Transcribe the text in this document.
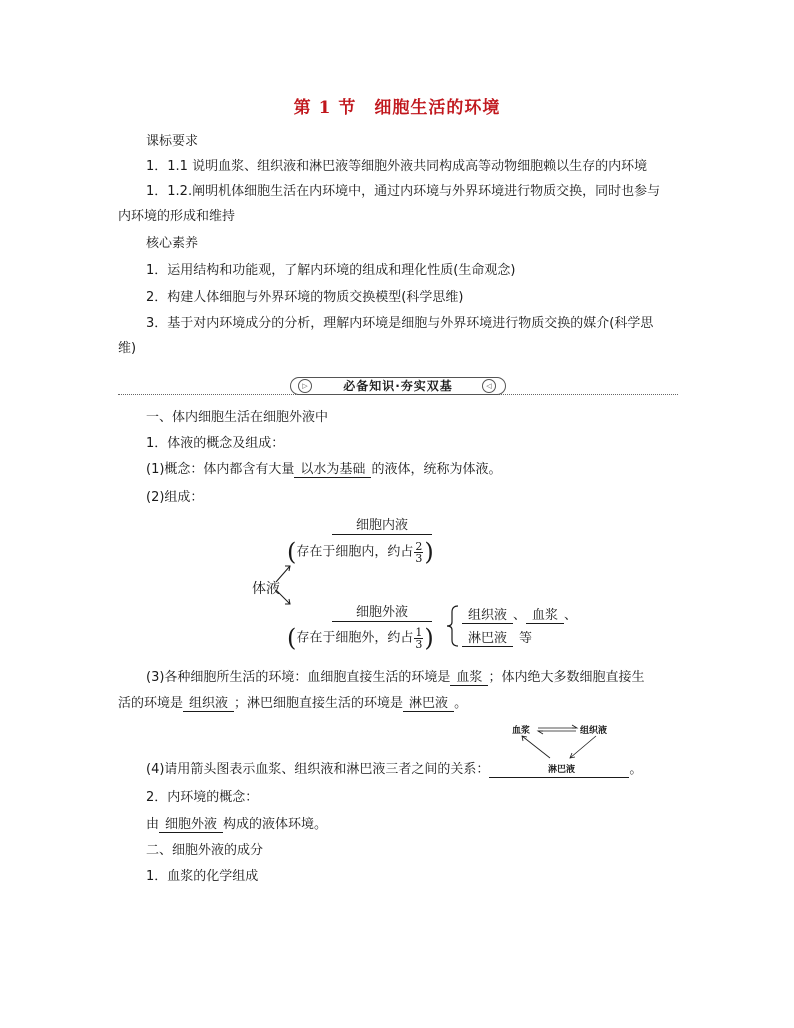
第 1 节　细胞生活的环境
课标要求
1．1.1 说明血浆、组织液和淋巴液等细胞外液共同构成高等动物细胞赖以生存的内环境
1．1.2.阐明机体细胞生活在内环境中，通过内环境与外界环境进行物质交换，同时也参与
内环境的形成和维持
核心素养
1．运用结构和功能观，了解内环境的组成和理化性质(生命观念)
2．构建人体细胞与外界环境的物质交换模型(科学思维)
3．基于对内环境成分的分析，理解内环境是细胞与外界环境进行物质交换的媒介(科学思
维)
必备知识·夯实双基
▷	◁
一、体内细胞生活在细胞外液中
1．体液的概念及组成：
(1)概念：体内都含有大量 以水为基础 的液体，统称为体液。
(2)组成：
体液
细胞内液
(存在于细胞内，约占 $\frac{2}{3}$ )
细胞外液
(存在于细胞外，约占 $\frac{1}{3}$ )
组织液 、 血浆 、
淋巴液 等
(3)各种细胞所生活的环境：血细胞直接生活的环境是 血浆 ；体内绝大多数细胞直接生
活的环境是 组织液 ；淋巴细胞直接生活的环境是 淋巴液 。
血浆	组织液
淋巴液
(4)请用箭头图表示血浆、组织液和淋巴液三者之间的关系：	。
2．内环境的概念：
由 细胞外液 构成的液体环境。
二、细胞外液的成分
1．血浆的化学组成
